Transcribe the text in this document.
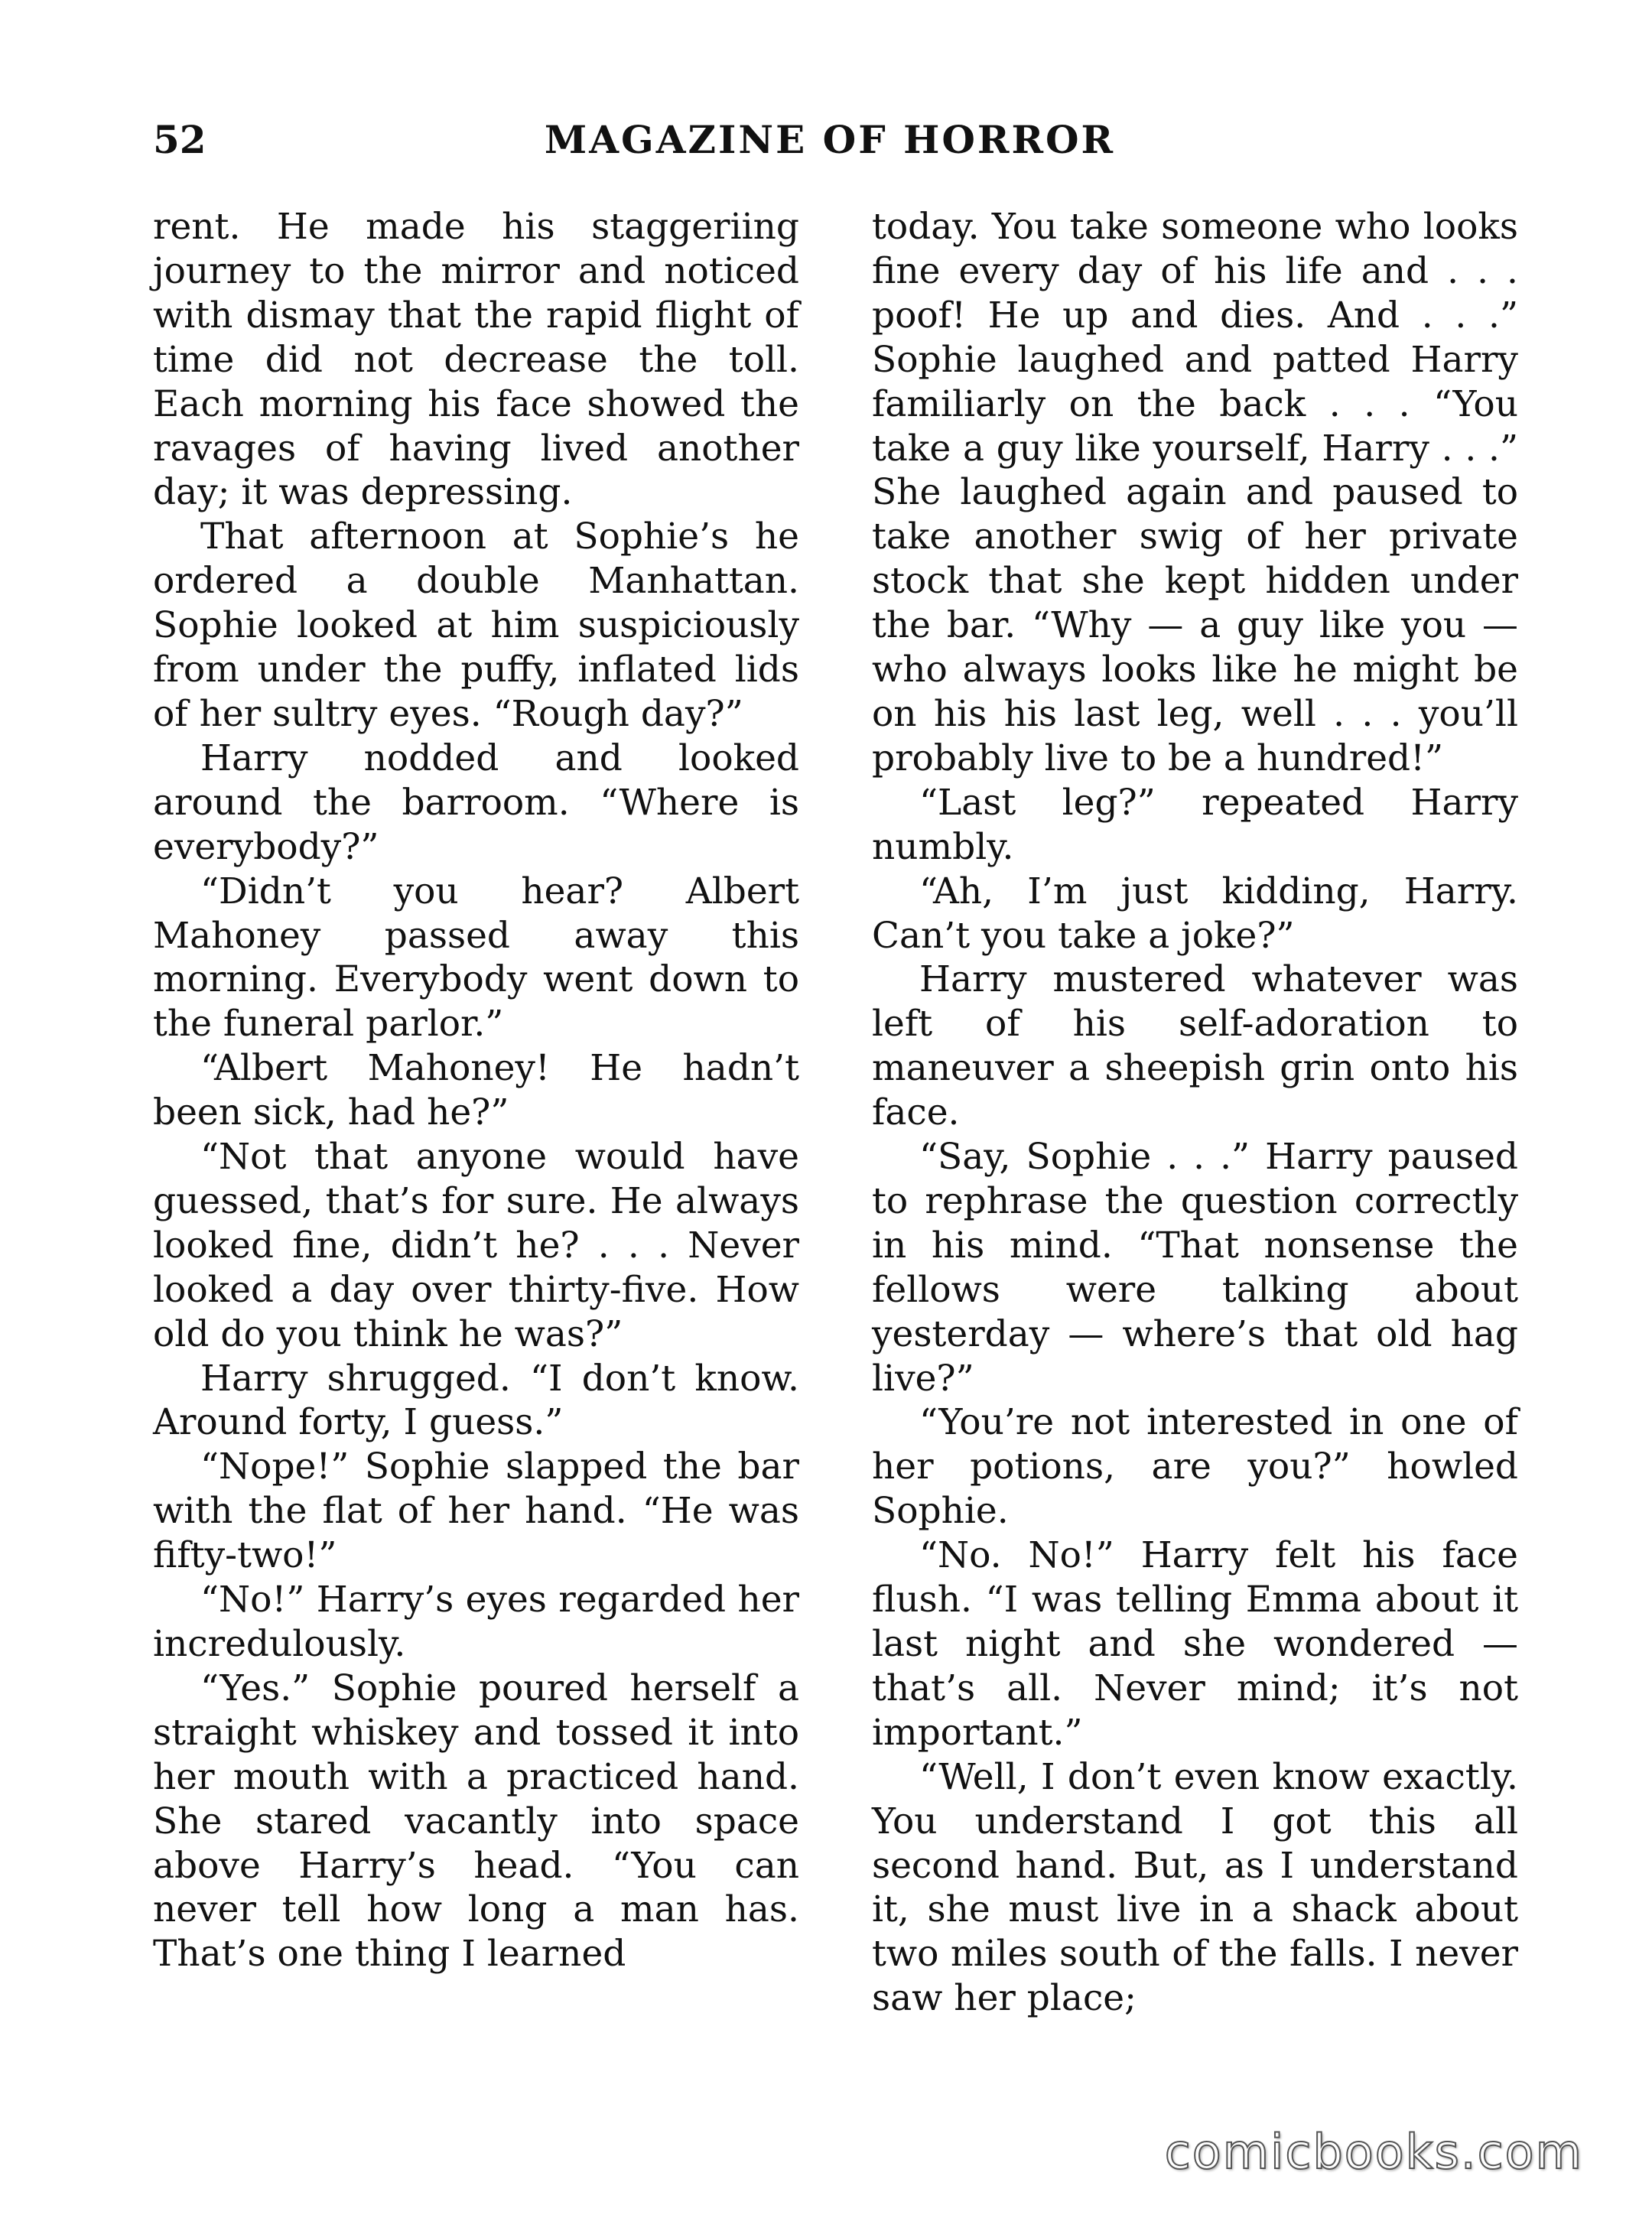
52	MAGAZINE OF HORROR

rent. He made his staggeriing journey to the mirror and noticed with dismay that the rapid flight of time did not decrease the toll. Each morning his face showed the ravages of having lived another day; it was depressing.

That afternoon at Sophie’s he ordered a double Manhattan. Sophie looked at him suspiciously from under the puffy, inflated lids of her sultry eyes. “Rough day?”

Harry nodded and looked around the barroom. “Where is everybody?”

“Didn’t you hear? Albert Mahoney passed away this morning. Everybody went down to the funeral parlor.”

“Albert Mahoney! He hadn’t been sick, had he?”

“Not that anyone would have guessed, that’s for sure. He always looked fine, didn’t he? . . . Never looked a day over thirty-five. How old do you think he was?”

Harry shrugged. “I don’t know. Around forty, I guess.”

“Nope!” Sophie slapped the bar with the flat of her hand. “He was fifty-two!”

“No!” Harry’s eyes regarded her incredulously.

“Yes.” Sophie poured herself a straight whiskey and tossed it into her mouth with a practiced hand. She stared vacantly into space above Harry’s head. “You can never tell how long a man has. That’s one thing I learned

today. You take someone who looks fine every day of his life and . . . poof! He up and dies. And . . .” Sophie laughed and patted Harry familiarly on the back . . . “You take a guy like yourself, Harry . . .” She laughed again and paused to take another swig of her private stock that she kept hidden under the bar. “Why — a guy like you — who always looks like he might be on his his last leg, well . . . you’ll probably live to be a hundred!”

“Last leg?” repeated Harry numbly.

“Ah, I’m just kidding, Harry. Can’t you take a joke?”

Harry mustered whatever was left of his self-adoration to maneuver a sheepish grin onto his face.

“Say, Sophie . . .” Harry paused to rephrase the question correctly in his mind. “That nonsense the fellows were talking about yesterday — where’s that old hag live?”

“You’re not interested in one of her potions, are you?” howled Sophie.

“No. No!” Harry felt his face flush. “I was telling Emma about it last night and she wondered —that’s all. Never mind; it’s not important.”

“Well, I don’t even know exactly. You understand I got this all second hand. But, as I understand it, she must live in a shack about two miles south of the falls. I never saw her place;

comicbooks.com
